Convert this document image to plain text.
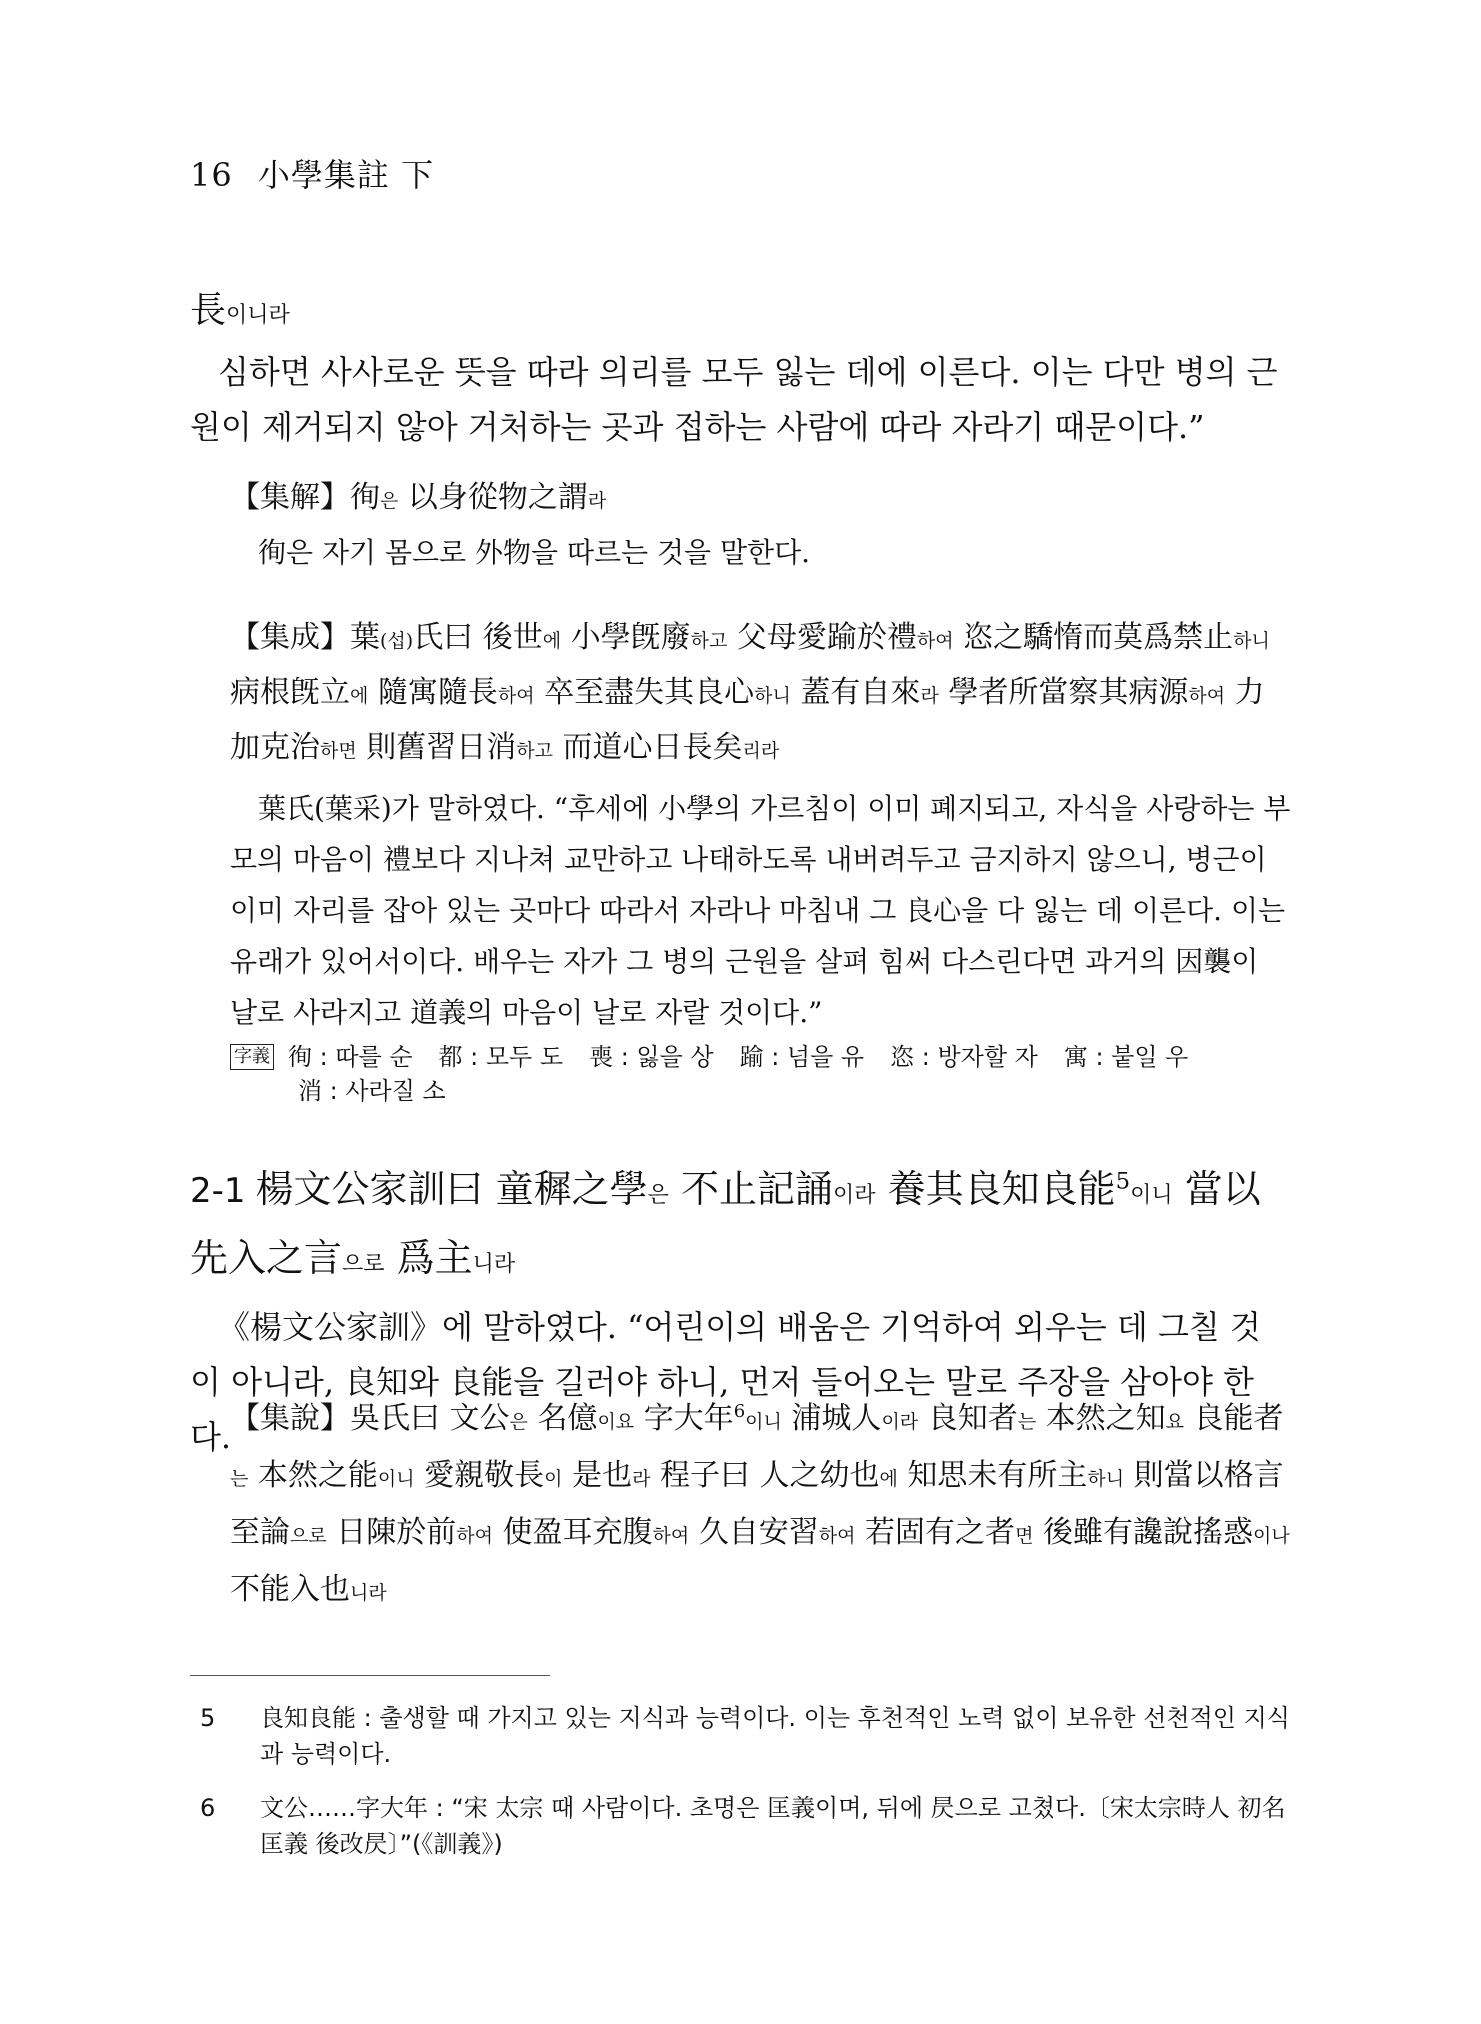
16 小學集註 下
長이니라

심하면 사사로운 뜻을 따라 의리를 모두 잃는 데에 이른다. 이는 다만 병의 근원이 제거되지 않아 거처하는 곳과 접하는 사람에 따라 자라기 때문이다.”

【集解】徇은 以身從物之謂라

徇은 자기 몸으로 外物을 따르는 것을 말한다.

【集成】葉(섭)氏曰 後世에 小學旣廢하고 父母愛踰於禮하여 恣之驕惰而莫爲禁止하니 病根旣立에 隨寓隨長하여 卒至盡失其良心하니 蓋有自來라 學者所當察其病源하여 力加克治하면 則舊習日消하고 而道心日長矣리라

葉氏(葉采)가 말하였다. “후세에 小學의 가르침이 이미 폐지되고, 자식을 사랑하는 부모의 마음이 禮보다 지나쳐 교만하고 나태하도록 내버려두고 금지하지 않으니, 병근이 이미 자리를 잡아 있는 곳마다 따라서 자라나 마침내 그 良心을 다 잃는 데 이른다. 이는 유래가 있어서이다. 배우는 자가 그 병의 근원을 살펴 힘써 다스린다면 과거의 因襲이 날로 사라지고 道義의 마음이 날로 자랄 것이다.”

字義 徇 : 따를 순 都 : 모두 도 喪 : 잃을 상 踰 : 넘을 유 恣 : 방자할 자 寓 : 붙일 우
消 : 사라질 소
2-1 楊文公家訓曰 童穉之學은 不止記誦이라 養其良知良能$^5$이니 當以先入之言으로 爲主니라

《楊文公家訓》에 말하였다. “어린이의 배움은 기억하여 외우는 데 그칠 것이 아니라, 良知와 良能을 길러야 하니, 먼저 들어오는 말로 주장을 삼아야 한다.

【集說】吳氏曰 文公은 名億이요 字大年$^6$이니 浦城人이라 良知者는 本然之知요 良能者는 本然之能이니 愛親敬長이 是也라 程子曰 人之幼也에 知思未有所主하니 則當以格言至論으로 日陳於前하여 使盈耳充腹하여 久自安習하여 若固有之者면 後雖有讒說搖惑이나 不能入也니라

5 良知良能 : 출생할 때 가지고 있는 지식과 능력이다. 이는 후천적인 노력 없이 보유한 선천적인 지식과 능력이다.
6 文公……字大年 : “宋 太宗 때 사람이다. 초명은 匡義이며, 뒤에 昃으로 고쳤다.〔宋太宗時人 初名匡義 後改昃〕”(《訓義》)
